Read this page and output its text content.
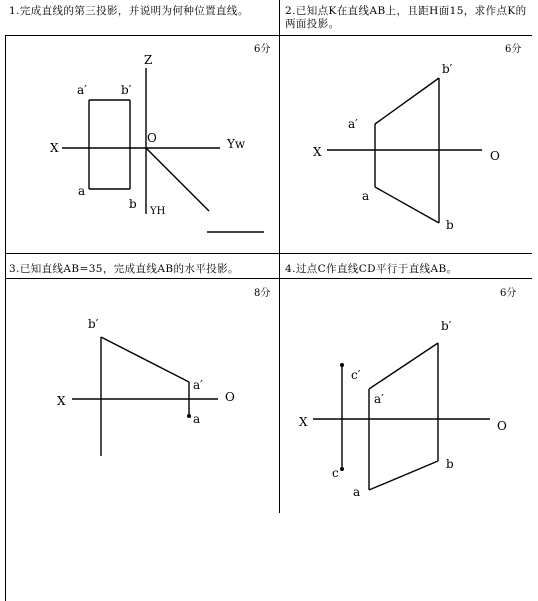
1.完成直线的第三投影，并说明为何种位置直线。	2.已知点K在直线AB上，且距H面15，求作点K的两面投影。
3.已知直线AB=35，完成直线AB的水平投影。	4.过点C作直线CD平行于直线AB。
6分	6分
8分	6分
Z
X
O	Yw
YH
a′	b′
a
b
X	O
a′
b′
a
b
X	O
b′
a′
a	X	O
c′
a′
b′
c
a
b
